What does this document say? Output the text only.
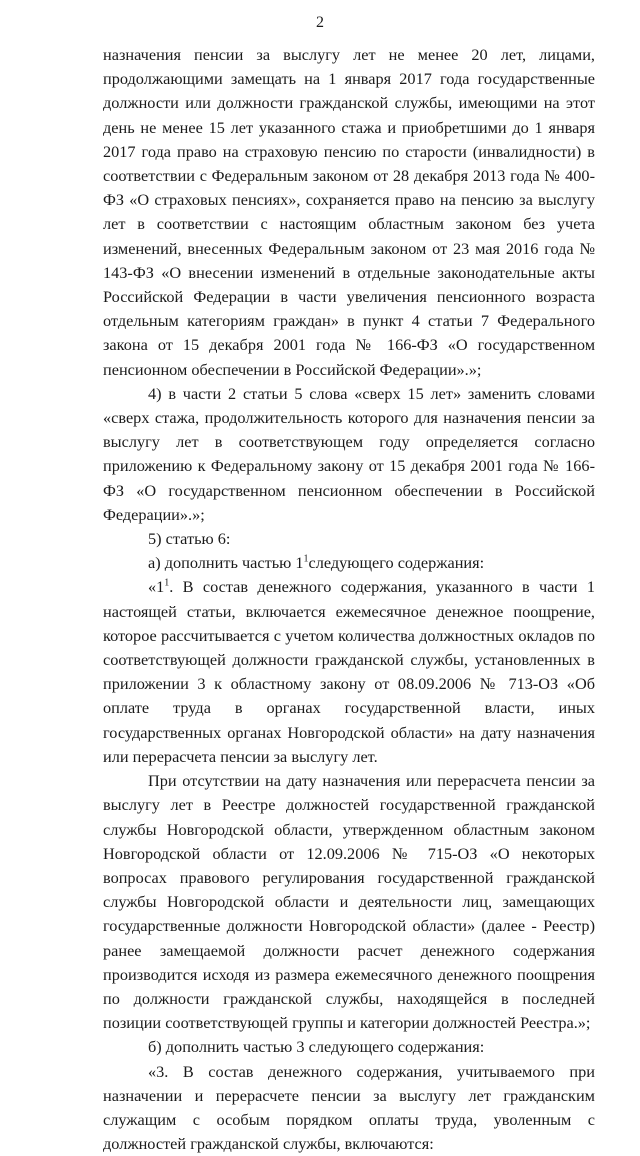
2

назначения пенсии за выслугу лет не менее 20 лет, лицами, продолжающими замещать на 1 января 2017 года государственные должности или должности гражданской службы, имеющими на этот день не менее 15 лет указанного стажа и приобретшими до 1 января 2017 года право на страховую пенсию по старости (инвалидности) в соответствии с Федеральным законом от 28 декабря 2013 года № 400-ФЗ «О страховых пенсиях», сохраняется право на пенсию за выслугу лет в соответствии с настоящим областным законом без учета изменений, внесенных Федеральным законом от 23 мая 2016 года № 143-ФЗ «О внесении изменений в отдельные законодательные акты Российской Федерации в части увеличения пенсионного возраста отдельным категориям граждан» в пункт 4 статьи 7 Федерального закона от 15 декабря 2001 года № 166-ФЗ «О государственном пенсионном обеспечении в Российской Федерации».»;

4) в части 2 статьи 5 слова «сверх 15 лет» заменить словами «сверх стажа, продолжительность которого для назначения пенсии за выслугу лет в соответствующем году определяется согласно приложению к Федеральному закону от 15 декабря 2001 года № 166-ФЗ «О государственном пенсионном обеспечении в Российской Федерации».»;

5) статью 6:

а) дополнить частью $1^1следующего$ содержания:

«$1^1$. В состав денежного содержания, указанного в части 1 настоящей статьи, включается ежемесячное денежное поощрение, которое рассчитывается с учетом количества должностных окладов по соответствующей должности гражданской службы, установленных в приложении 3 к областному закону от 08.09.2006 № 713-ОЗ «Об оплате труда в органах государственной власти, иных государственных органах Новгородской области» на дату назначения или перерасчета пенсии за выслугу лет.

При отсутствии на дату назначения или перерасчета пенсии за выслугу лет в Реестре должностей государственной гражданской службы Новгородской области, утвержденном областным законом Новгородской области от 12.09.2006 № 715-ОЗ «О некоторых вопросах правового регулирования государственной гражданской службы Новгородской области и деятельности лиц, замещающих государственные должности Новгородской области» (далее - Реестр) ранее замещаемой должности расчет денежного содержания производится исходя из размера ежемесячного денежного поощрения по должности гражданской службы, находящейся в последней позиции соответствующей группы и категории должностей Реестра.»;

б) дополнить частью 3 следующего содержания:

«3. В состав денежного содержания, учитываемого при назначении и перерасчете пенсии за выслугу лет гражданским служащим с особым порядком оплаты труда, уволенным с должностей гражданской службы, включаются:
